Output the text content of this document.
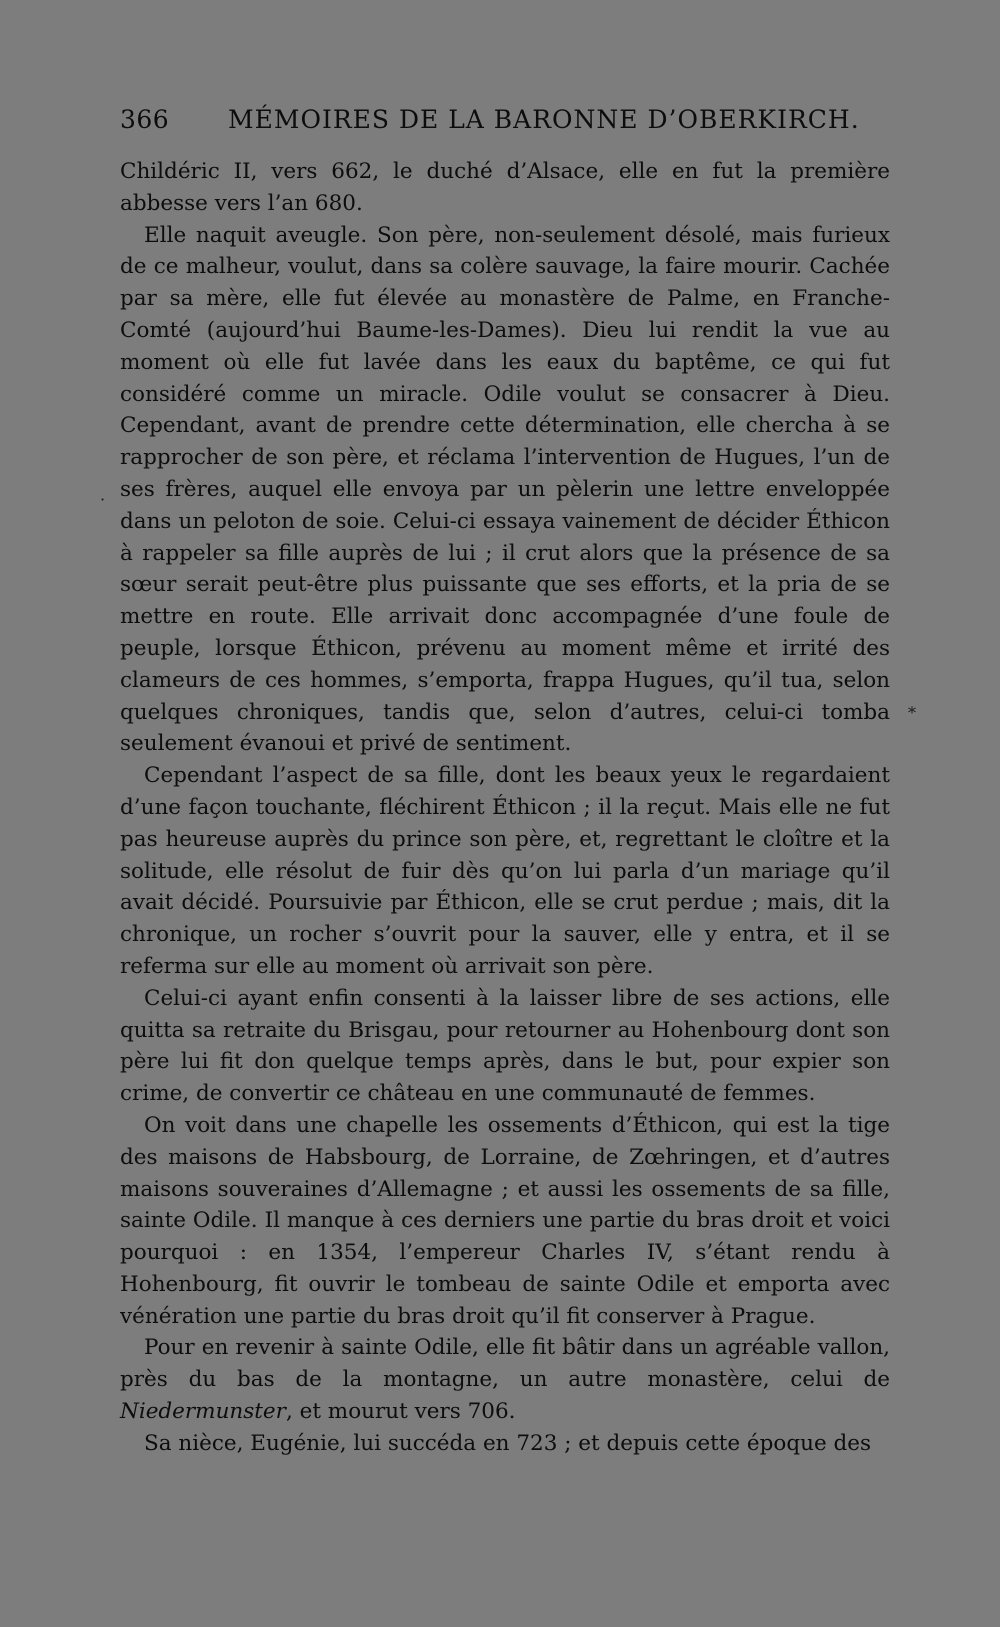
366 MÉMOIRES DE LA BARONNE D’OBERKIRCH.

Childéric II, vers 662, le duché d’Alsace, elle en fut la première abbesse vers l’an 680.

Elle naquit aveugle. Son père, non-seulement désolé, mais furieux de ce malheur, voulut, dans sa colère sauvage, la faire mourir. Cachée par sa mère, elle fut élevée au monastère de Palme, en Franche-Comté (aujourd’hui Baume-les-Dames). Dieu lui rendit la vue au moment où elle fut lavée dans les eaux du baptême, ce qui fut considéré comme un miracle. Odile voulut se consacrer à Dieu. Cependant, avant de prendre cette détermination, elle chercha à se rapprocher de son père, et réclama l’intervention de Hugues, l’un de ses frères, auquel elle envoya par un pèlerin une lettre enveloppée dans un peloton de soie. Celui-ci essaya vainement de décider Éthicon à rappeler sa fille auprès de lui ; il crut alors que la présence de sa sœur serait peut-être plus puissante que ses efforts, et la pria de se mettre en route. Elle arrivait donc accompagnée d’une foule de peuple, lorsque Éthicon, prévenu au moment même et irrité des clameurs de ces hommes, s’emporta, frappa Hugues, qu’il tua, selon quelques chroniques, tandis que, selon d’autres, celui-ci tomba seulement évanoui et privé de sentiment.

Cependant l’aspect de sa fille, dont les beaux yeux le regardaient d’une façon touchante, fléchirent Éthicon ; il la reçut. Mais elle ne fut pas heureuse auprès du prince son père, et, regrettant le cloître et la solitude, elle résolut de fuir dès qu’on lui parla d’un mariage qu’il avait décidé. Poursuivie par Éthicon, elle se crut perdue ; mais, dit la chronique, un rocher s’ouvrit pour la sauver, elle y entra, et il se referma sur elle au moment où arrivait son père.

Celui-ci ayant enfin consenti à la laisser libre de ses actions, elle quitta sa retraite du Brisgau, pour retourner au Hohenbourg dont son père lui fit don quelque temps après, dans le but, pour expier son crime, de convertir ce château en une communauté de femmes.

On voit dans une chapelle les ossements d’Éthicon, qui est la tige des maisons de Habsbourg, de Lorraine, de Zœhringen, et d’autres maisons souveraines d’Allemagne ; et aussi les ossements de sa fille, sainte Odile. Il manque à ces derniers une partie du bras droit et voici pourquoi : en 1354, l’empereur Charles IV, s’étant rendu à Hohenbourg, fit ouvrir le tombeau de sainte Odile et emporta avec vénération une partie du bras droit qu’il fit conserver à Prague.

Pour en revenir à sainte Odile, elle fit bâtir dans un agréable vallon, près du bas de la montagne, un autre monastère, celui de Niedermunster, et mourut vers 706.

Sa nièce, Eugénie, lui succéda en 723 ; et depuis cette époque des

⁎
·
